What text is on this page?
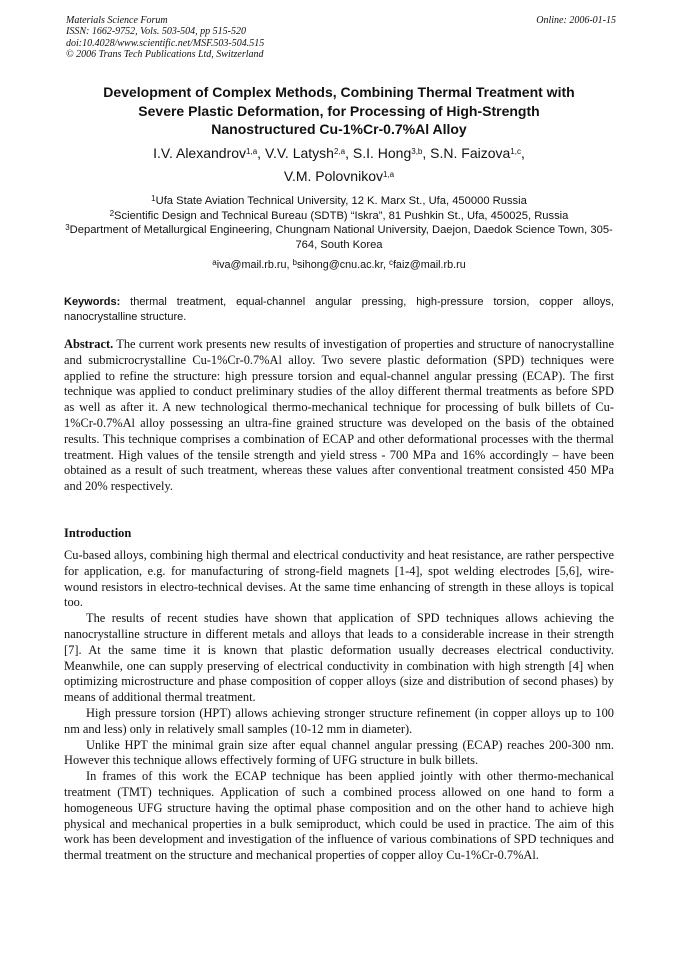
Materials Science Forum
ISSN: 1662-9752, Vols. 503-504, pp 515-520
doi:10.4028/www.scientific.net/MSF.503-504.515
© 2006 Trans Tech Publications Ltd, Switzerland
Online: 2006-01-15
Development of Complex Methods, Combining Thermal Treatment with
Severe Plastic Deformation, for Processing of High-Strength
Nanostructured Cu-1%Cr-0.7%Al Alloy
I.V. Alexandrov$^{1,a}$, V.V. Latysh$^{2,a}$, S.I. Hong$^{3,b}$, S.N. Faizova$^{1,c}$,
V.M. Polovnikov$^{1,a}$
$^1$Ufa State Aviation Technical University, 12 K. Marx St., Ufa, 450000 Russia
$^2$Scientific Design and Technical Bureau (SDTB) “Iskra”, 81 Pushkin St., Ufa, 450025, Russia
$^3$Department of Metallurgical Engineering, Chungnam National University, Daejon, Daedok Science Town, 305-764, South Korea
$^a$iva@mail.rb.ru, $^b$sihong@cnu.ac.kr, $^c$faiz@mail.rb.ru
Keywords: thermal treatment, equal-channel angular pressing, high-pressure torsion, copper alloys, nanocrystalline structure.
Abstract. The current work presents new results of investigation of properties and structure of nanocrystalline and submicrocrystalline Cu-1%Cr-0.7%Al alloy. Two severe plastic deformation (SPD) techniques were applied to refine the structure: high pressure torsion and equal-channel angular pressing (ECAP). The first technique was applied to conduct preliminary studies of the alloy different thermal treatments as before SPD as well as after it. A new technological thermo-mechanical technique for processing of bulk billets of Cu-1%Cr-0.7%Al alloy possessing an ultra-fine grained structure was developed on the basis of the obtained results. This technique comprises a combination of ECAP and other deformational processes with the thermal treatment. High values of the tensile strength and yield stress - 700 MPa and 16% accordingly – have been obtained as a result of such treatment, whereas these values after conventional treatment consisted 450 MPa and 20% respectively.
Introduction

Cu-based alloys, combining high thermal and electrical conductivity and heat resistance, are rather perspective for application, e.g. for manufacturing of strong-field magnets [1-4], spot welding electrodes [5,6], wire-wound resistors in electro-technical devises. At the same time enhancing of strength in these alloys is topical too.

The results of recent studies have shown that application of SPD techniques allows achieving the nanocrystalline structure in different metals and alloys that leads to a considerable increase in their strength [7]. At the same time it is known that plastic deformation usually decreases electrical conductivity. Meanwhile, one can supply preserving of electrical conductivity in combination with high strength [4] when optimizing microstructure and phase composition of copper alloys (size and distribution of second phases) by means of additional thermal treatment.

High pressure torsion (HPT) allows achieving stronger structure refinement (in copper alloys up to 100 nm and less) only in relatively small samples (10-12 mm in diameter).

Unlike HPT the minimal grain size after equal channel angular pressing (ECAP) reaches 200-300 nm. However this technique allows effectively forming of UFG structure in bulk billets.

In frames of this work the ECAP technique has been applied jointly with other thermo-mechanical treatment (TMT) techniques. Application of such a combined process allowed on one hand to form a homogeneous UFG structure having the optimal phase composition and on the other hand to achieve high physical and mechanical properties in a bulk semiproduct, which could be used in practice. The aim of this work has been development and investigation of the influence of various combinations of SPD techniques and thermal treatment on the structure and mechanical properties of copper alloy Cu-1%Cr-0.7%Al.
